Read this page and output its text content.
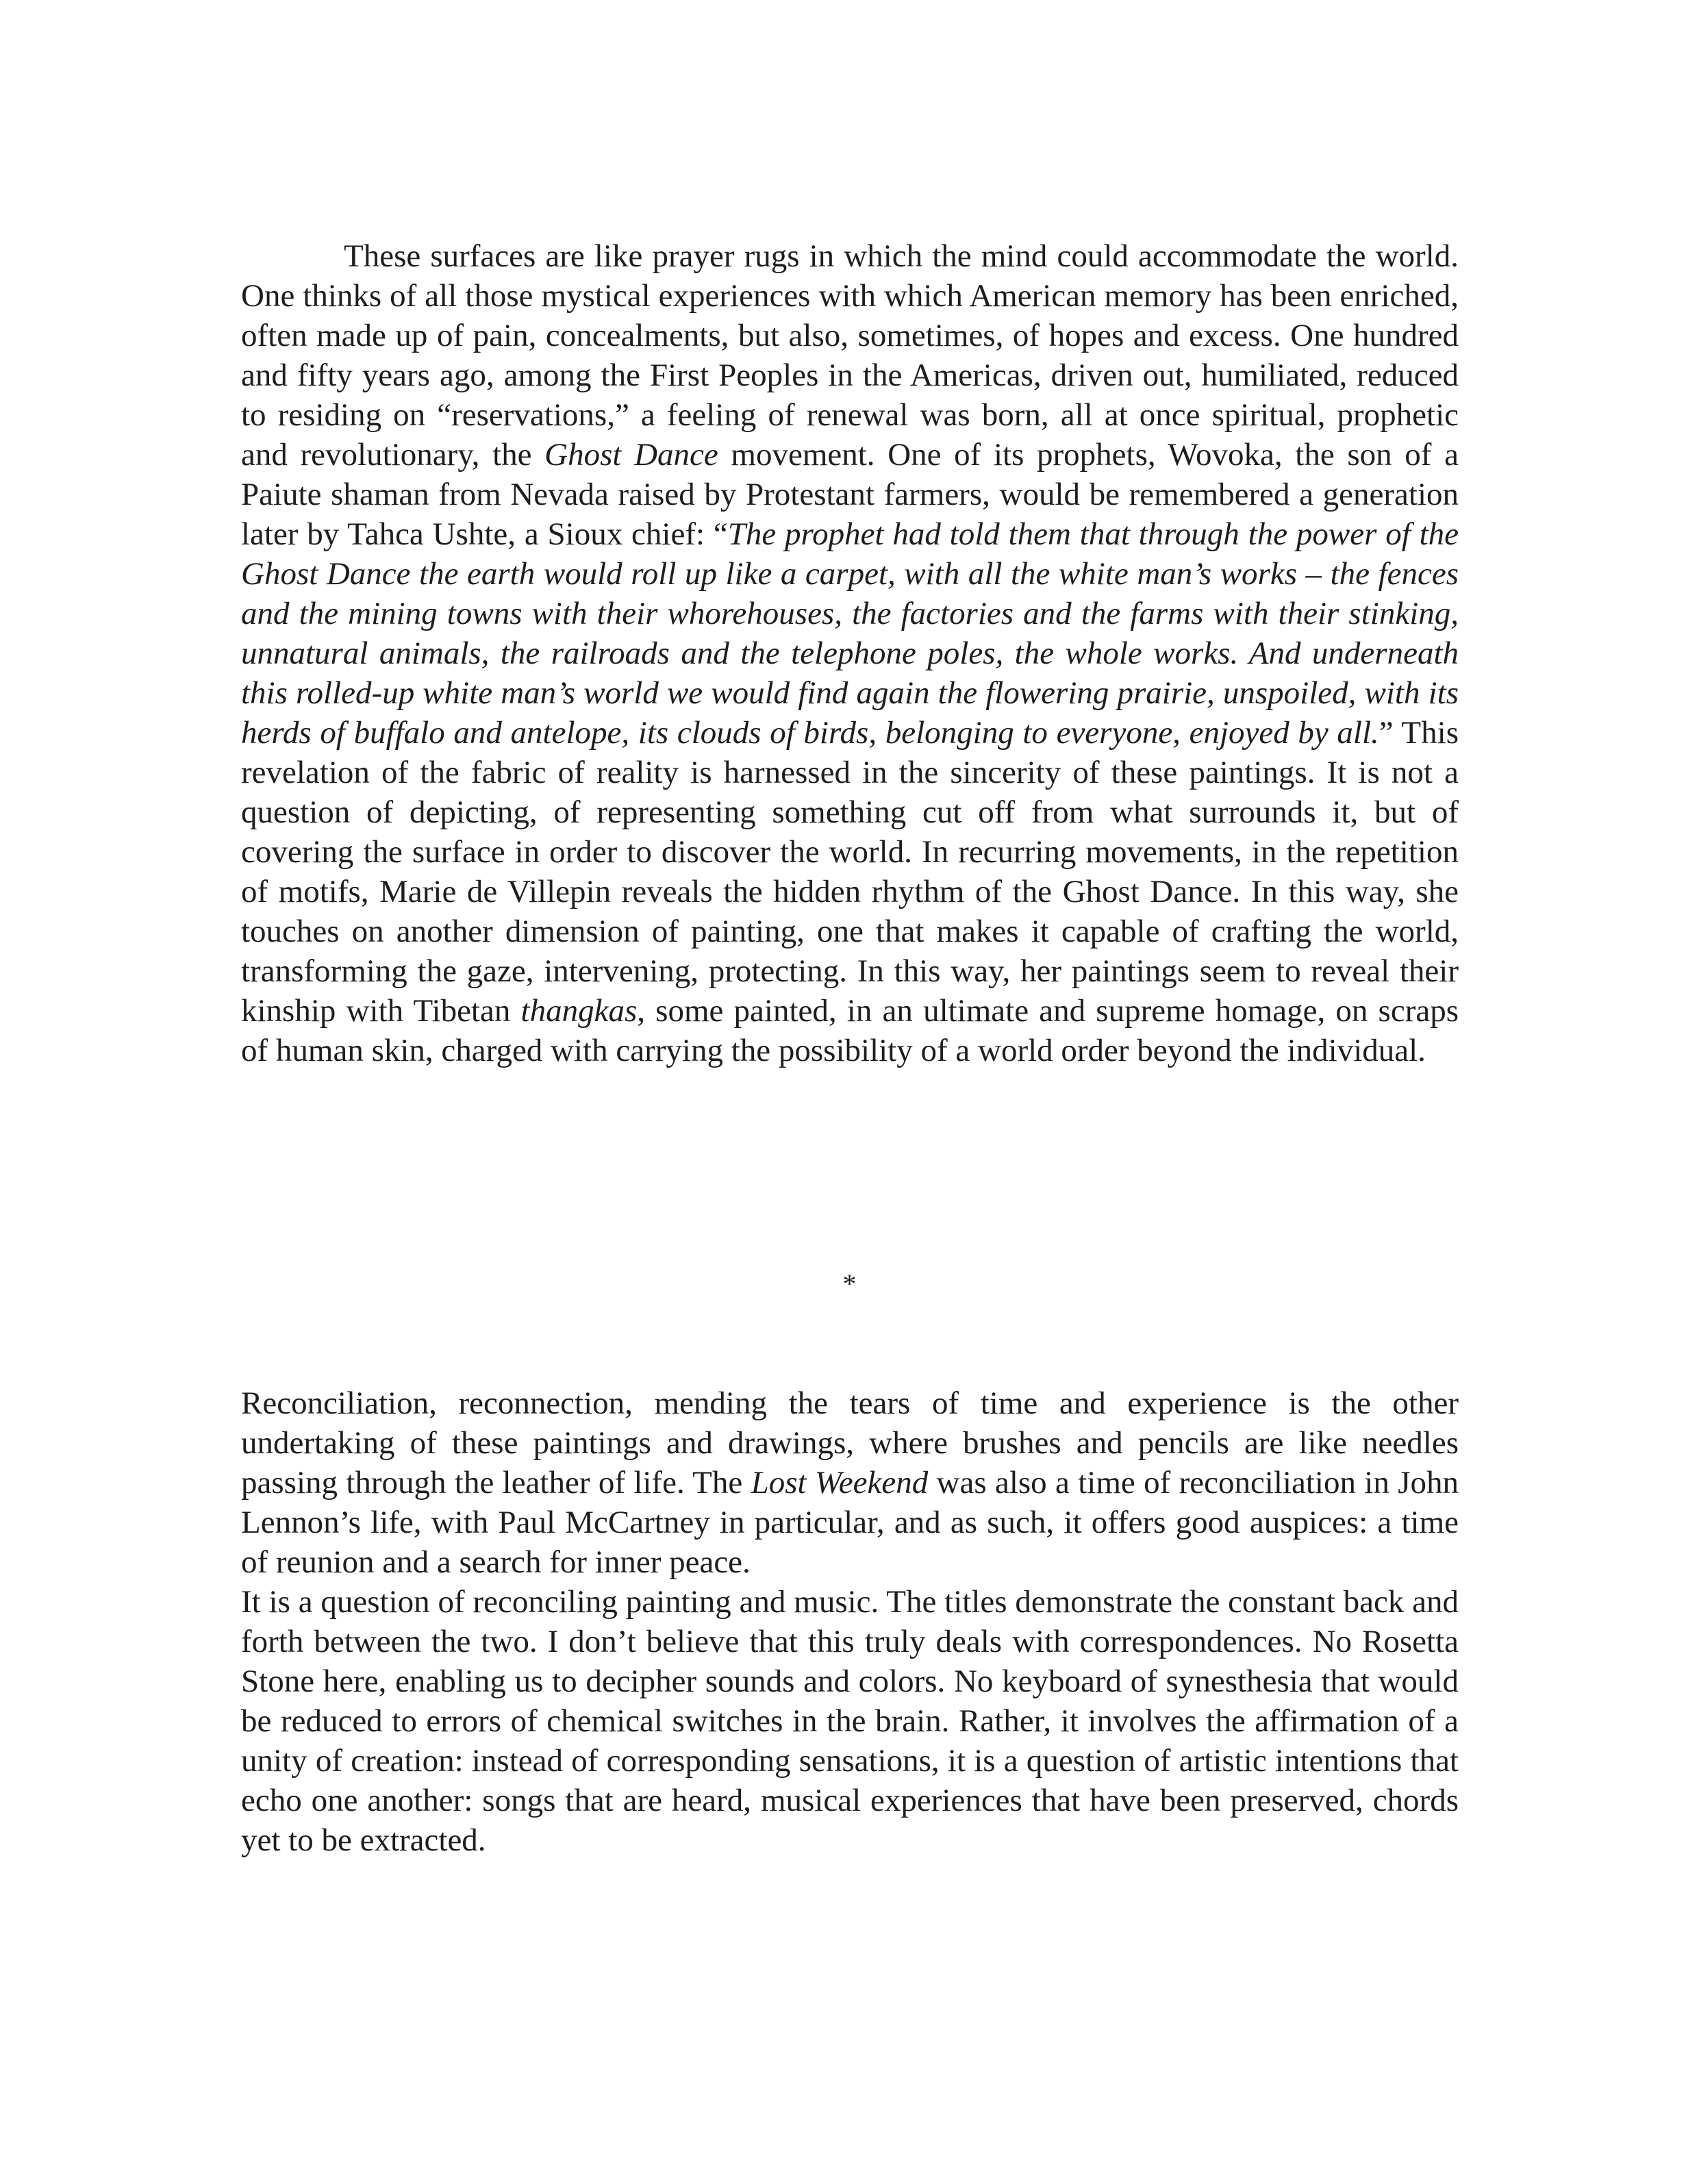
These surfaces are like prayer rugs in which the mind could accommodate the world. One thinks of all those mystical experiences with which American memory has been enriched, often made up of pain, concealments, but also, sometimes, of hopes and excess. One hundred and fifty years ago, among the First Peoples in the Americas, driven out, humiliated, reduced to residing on “reservations,” a feeling of renewal was born, all at once spiritual, prophetic and revolutionary, the Ghost Dance movement. One of its prophets, Wovoka, the son of a Paiute shaman from Nevada raised by Protestant farmers, would be remembered a generation later by Tahca Ushte, a Sioux chief: “The prophet had told them that through the power of the Ghost Dance the earth would roll up like a carpet, with all the white man’s works – the fences and the mining towns with their whorehouses, the factories and the farms with their stinking, unnatural animals, the railroads and the telephone poles, the whole works. And underneath this rolled-up white man’s world we would find again the flowering prairie, unspoiled, with its herds of buffalo and antelope, its clouds of birds, belonging to everyone, enjoyed by all.” This revelation of the fabric of reality is harnessed in the sincerity of these paintings. It is not a question of depicting, of representing something cut off from what surrounds it, but of covering the surface in order to discover the world. In recurring movements, in the repetition of motifs, Marie de Villepin reveals the hidden rhythm of the Ghost Dance. In this way, she touches on another dimension of painting, one that makes it capable of crafting the world, transforming the gaze, intervening, protecting. In this way, her paintings seem to reveal their kinship with Tibetan thangkas, some painted, in an ultimate and supreme homage, on scraps of human skin, charged with carrying the possibility of a world order beyond the individual.

*

Reconciliation, reconnection, mending the tears of time and experience is the other undertaking of these paintings and drawings, where brushes and pencils are like needles passing through the leather of life. The Lost Weekend was also a time of reconciliation in John Lennon’s life, with Paul McCartney in particular, and as such, it offers good auspices: a time of reunion and a search for inner peace.

It is a question of reconciling painting and music. The titles demonstrate the constant back and forth between the two. I don’t believe that this truly deals with correspondences. No Rosetta Stone here, enabling us to decipher sounds and colors. No keyboard of synesthesia that would be reduced to errors of chemical switches in the brain. Rather, it involves the affirmation of a unity of creation: instead of corresponding sensations, it is a question of artistic intentions that echo one another: songs that are heard, musical experiences that have been preserved, chords yet to be extracted.
